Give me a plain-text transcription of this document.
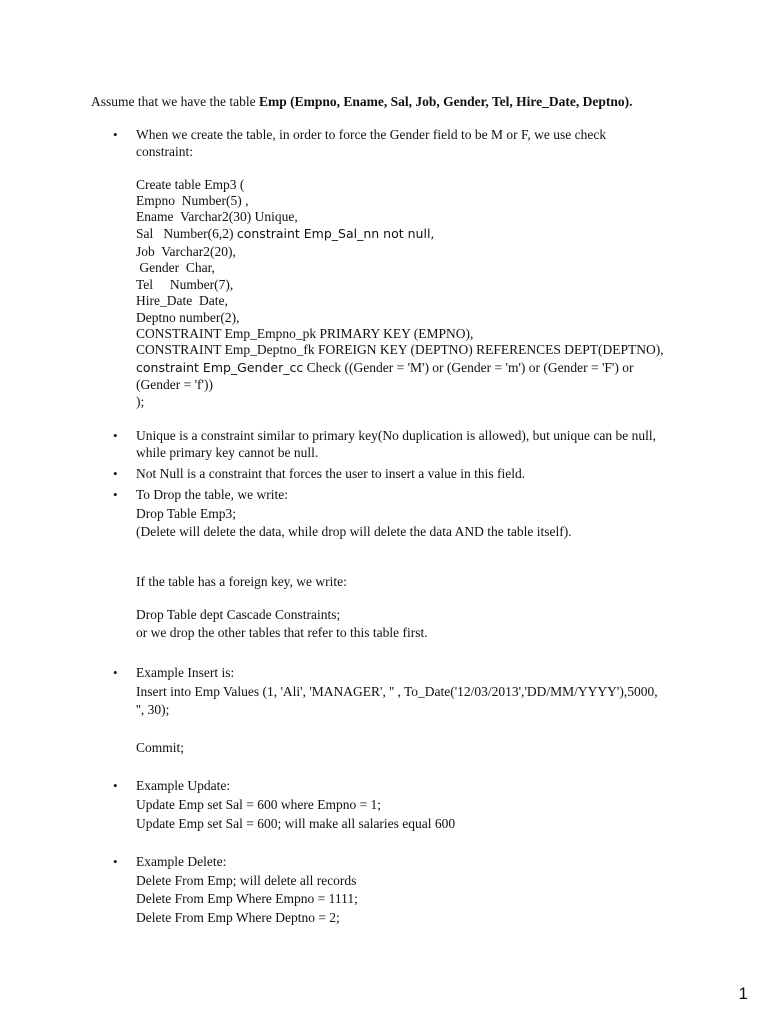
Assume that we have the table Emp (Empno, Ename, Sal, Job, Gender, Tel, Hire_Date, Deptno).
• When we create the table, in order to force the Gender field to be M or F, we use check
constraint:
Create table Emp3 (
Empno  Number(5) ,
Ename  Varchar2(30) Unique,
Sal   Number(6,2) constraint Emp_Sal_nn not null,
Job  Varchar2(20),
Gender  Char,
Tel     Number(7),
Hire_Date  Date,
Deptno number(2),
CONSTRAINT Emp_Empno_pk PRIMARY KEY (EMPNO),
CONSTRAINT Emp_Deptno_fk FOREIGN KEY (DEPTNO) REFERENCES DEPT(DEPTNO),
constraint Emp_Gender_cc Check ((Gender = 'M') or (Gender = 'm') or (Gender = 'F') or
(Gender = 'f'))
);
• Unique is a constraint similar to primary key(No duplication is allowed), but unique can be null,
while primary key cannot be null.
• Not Null is a constraint that forces the user to insert a value in this field.
• To Drop the table, we write:
Drop Table Emp3;
(Delete will delete the data, while drop will delete the data AND the table itself).
If the table has a foreign key, we write:
Drop Table dept Cascade Constraints;
or we drop the other tables that refer to this table first.
• Example Insert is:
Insert into Emp Values (1, 'Ali', 'MANAGER', '' , To_Date('12/03/2013','DD/MM/YYYY'),5000,
'', 30);
Commit;
• Example Update:
Update Emp set Sal = 600 where Empno = 1;
Update Emp set Sal = 600; will make all salaries equal 600
• Example Delete:
Delete From Emp; will delete all records
Delete From Emp Where Empno = 1111;
Delete From Emp Where Deptno = 2;
1
